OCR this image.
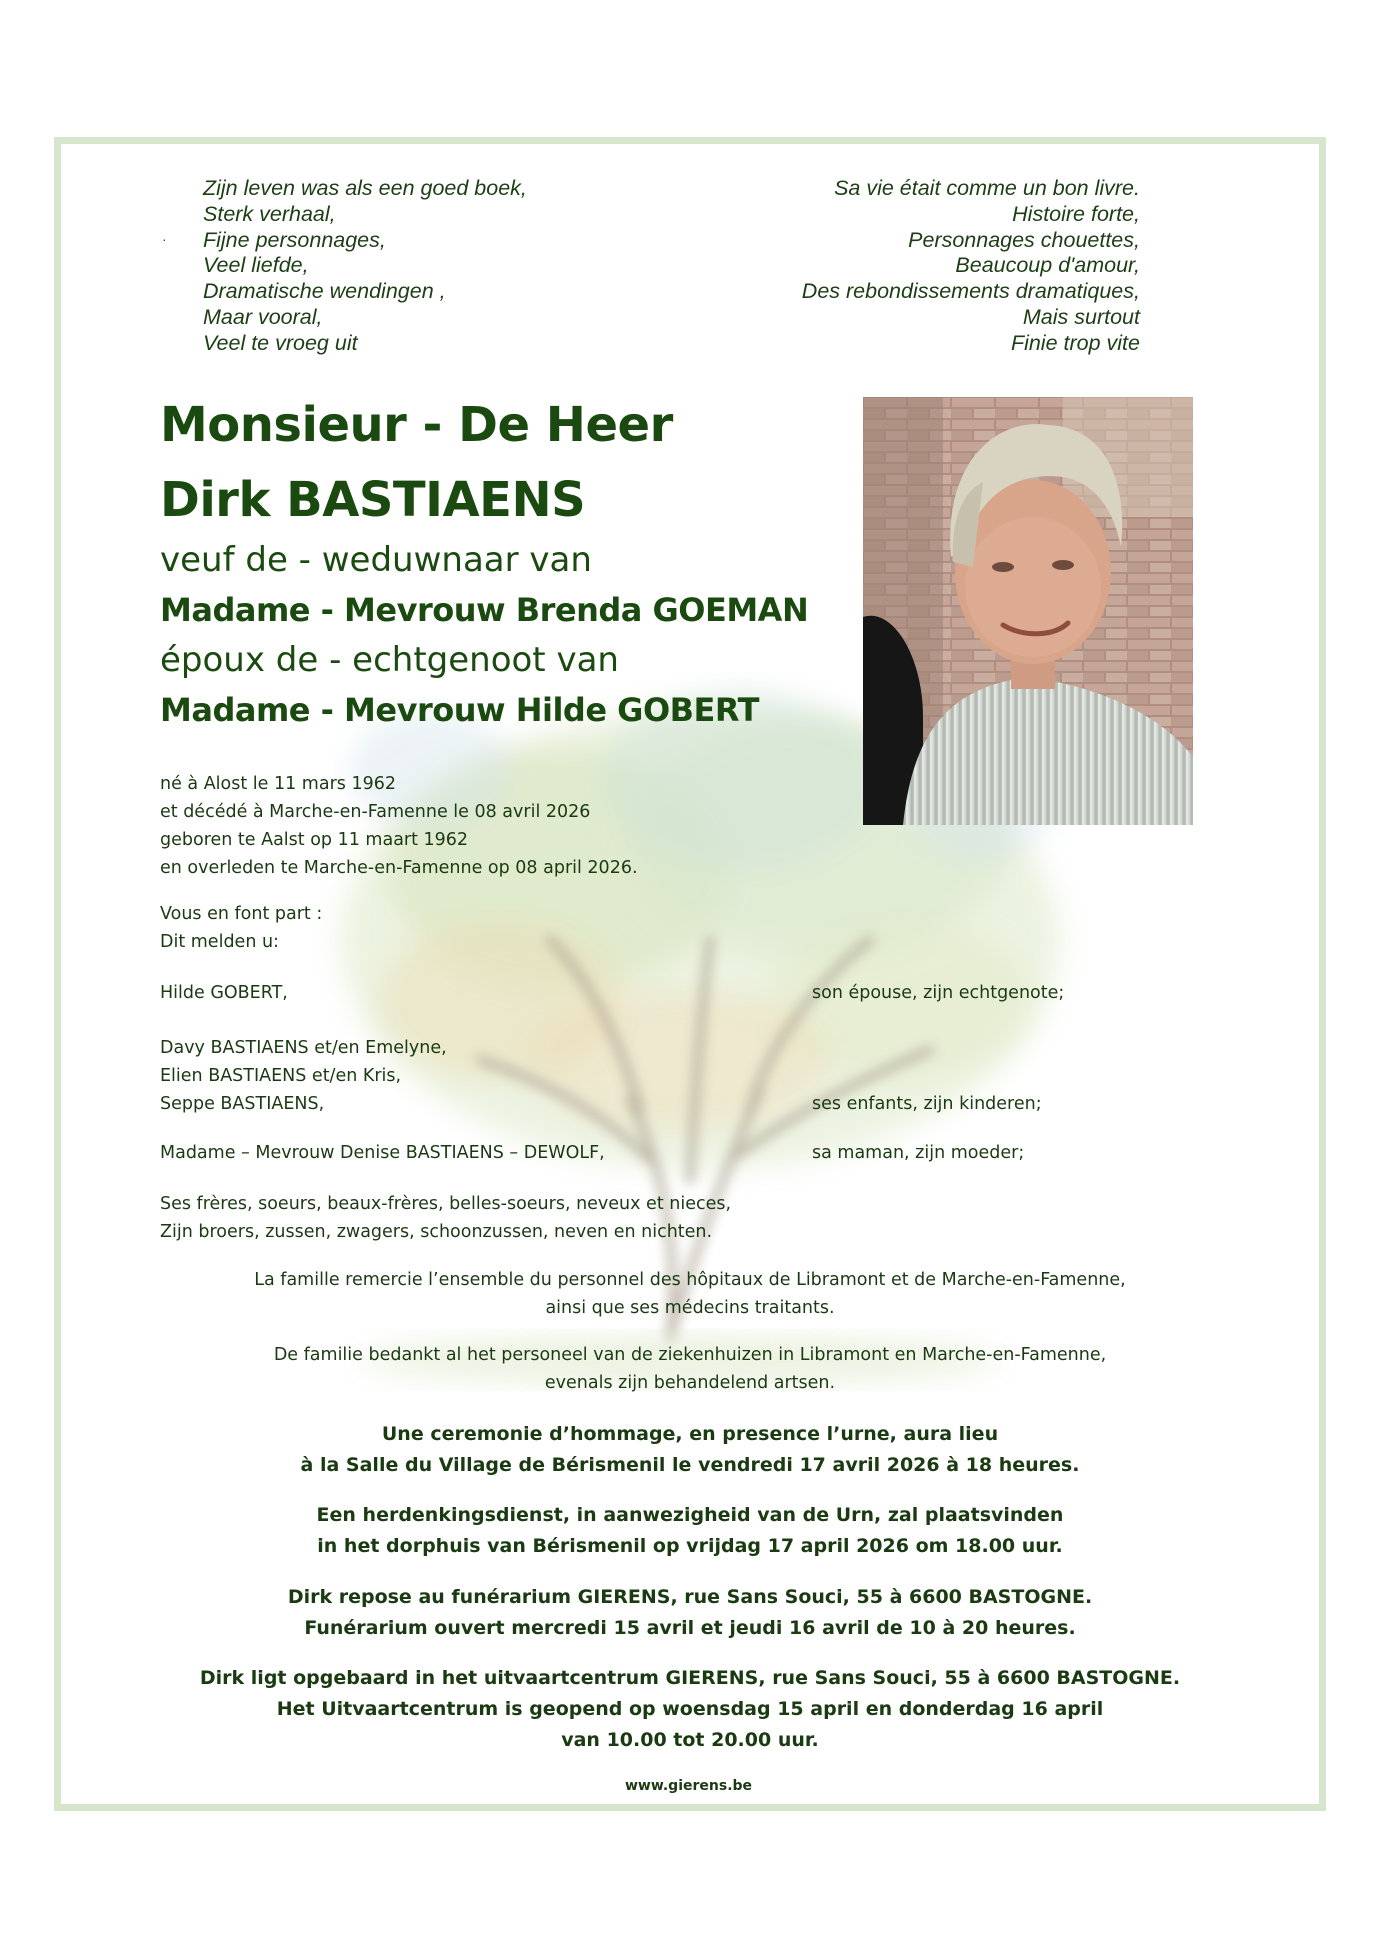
·
Zijn leven was als een goed boek,
Sterk verhaal,
Fijne personnages,
Veel liefde,
Dramatische wendingen ,
Maar vooral,
Veel te vroeg uit
Sa vie était comme un bon livre.
Histoire forte,
Personnages chouettes,
Beaucoup d'amour,
Des rebondissements dramatiques,
Mais surtout
Finie trop vite
Monsieur - De Heer
Dirk BASTIAENS
veuf de - weduwnaar van
Madame - Mevrouw Brenda GOEMAN
époux de - echtgenoot van
Madame - Mevrouw Hilde GOBERT
né à Alost le 11 mars 1962
et décédé à Marche-en-Famenne le 08 avril 2026
geboren te Aalst op 11 maart 1962
en overleden te Marche-en-Famenne op 08 april 2026.
Vous en font part :
Dit melden u:
Hilde GOBERT,	son épouse, zijn echtgenote;
Davy BASTIAENS et/en Emelyne,
Elien BASTIAENS et/en Kris,
Seppe BASTIAENS,	ses enfants, zijn kinderen;
Madame – Mevrouw Denise BASTIAENS – DEWOLF,	sa maman, zijn moeder;
Ses frères, soeurs, beaux-frères, belles-soeurs, neveux et nieces,
Zijn broers, zussen, zwagers, schoonzussen, neven en nichten.
La famille remercie l’ensemble du personnel des hôpitaux de Libramont et de Marche-en-Famenne,
ainsi que ses médecins traitants.
De familie bedankt al het personeel van de ziekenhuizen in Libramont en Marche-en-Famenne,
evenals zijn behandelend artsen.
Une ceremonie d’hommage, en presence l’urne, aura lieu
à la Salle du Village de Bérismenil le vendredi 17 avril 2026 à 18 heures.
Een herdenkingsdienst, in aanwezigheid van de Urn, zal plaatsvinden
in het dorphuis van Bérismenil op vrijdag 17 april 2026 om 18.00 uur.
Dirk repose au funérarium GIERENS, rue Sans Souci, 55 à 6600 BASTOGNE.
Funérarium ouvert mercredi 15 avril et jeudi 16 avril de 10 à 20 heures.
Dirk ligt opgebaard in het uitvaartcentrum GIERENS, rue Sans Souci, 55 à 6600 BASTOGNE.
Het Uitvaartcentrum is geopend op woensdag 15 april en donderdag 16 april
van 10.00 tot 20.00 uur.
www.gierens.be
